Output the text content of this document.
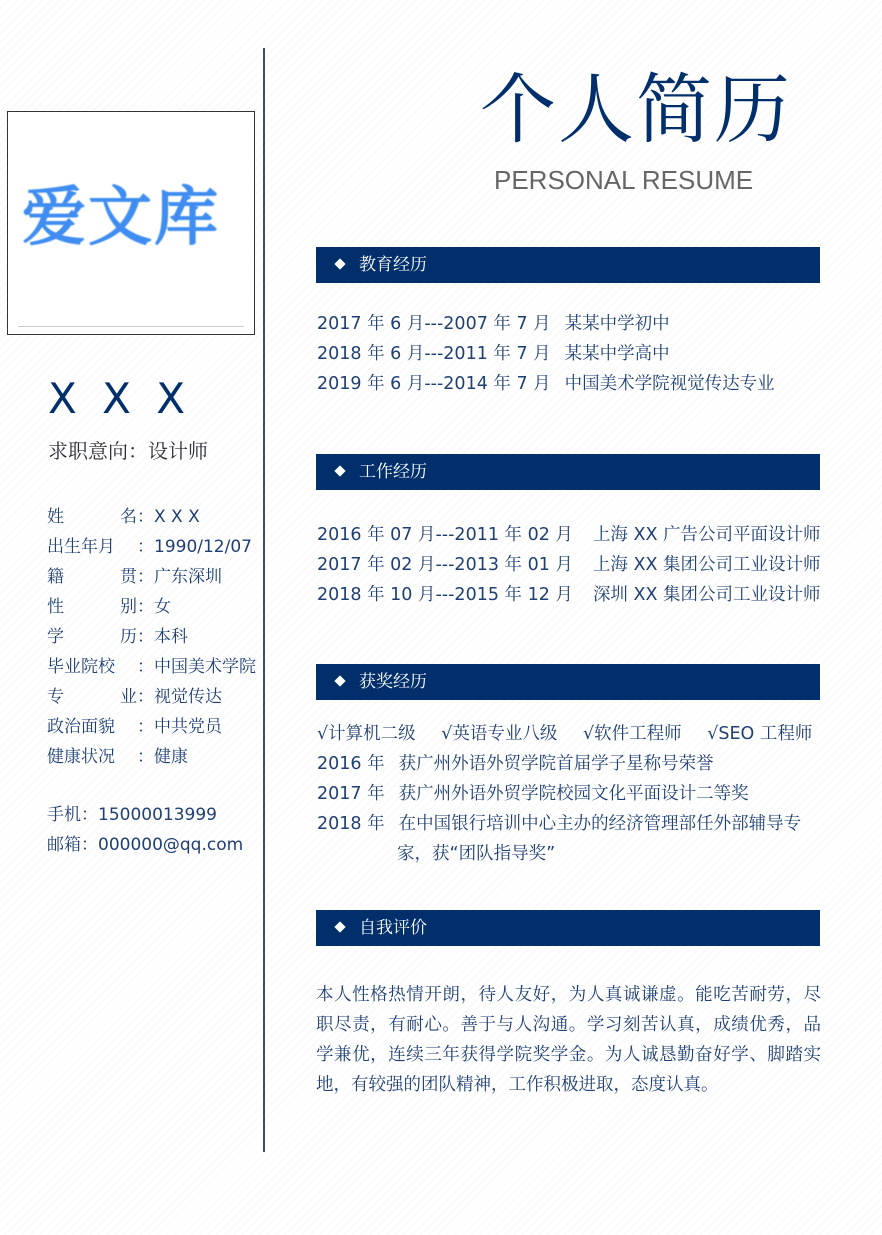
爱文库
X X X
求职意向：设计师
姓	名 ： X X X
出生年月	： 1990/12/07
籍	贯 ： 广东深圳
性	别 ： 女
学	历 ： 本科
毕业院校	： 中国美术学院
专	业 ： 视觉传达
政治面貌	： 中共党员
健康状况	： 健康
手机：15000013999
邮箱：000000@qq.com
个人简历
PERSONAL RESUME
教育经历
2017 年 6 月---2007 年 7 月 某某中学初中
2018 年 6 月---2011 年 7 月 某某中学高中
2019 年 6 月---2014 年 7 月 中国美术学院视觉传达专业
工作经历
2016 年 07 月---2011 年 02 月 上海 XX 广告公司平面设计师
2017 年 02 月---2013 年 01 月 上海 XX 集团公司工业设计师
2018 年 10 月---2015 年 12 月 深圳 XX 集团公司工业设计师
获奖经历
√计算机二级 √英语专业八级 √软件工程师 √SEO 工程师
2016 年 获广州外语外贸学院首届学子星称号荣誉
2017 年 获广州外语外贸学院校园文化平面设计二等奖
2018 年 在中国银行培训中心主办的经济管理部任外部辅导专
家，获“团队指导奖”
自我评价
本人性格热情开朗，待人友好，为人真诚谦虚。能吃苦耐劳，尽职尽责，有耐心。善于与人沟通。学习刻苦认真，成绩优秀，品学兼优，连续三年获得学院奖学金。为人诚恳勤奋好学、脚踏实地，有较强的团队精神，工作积极进取，态度认真。
